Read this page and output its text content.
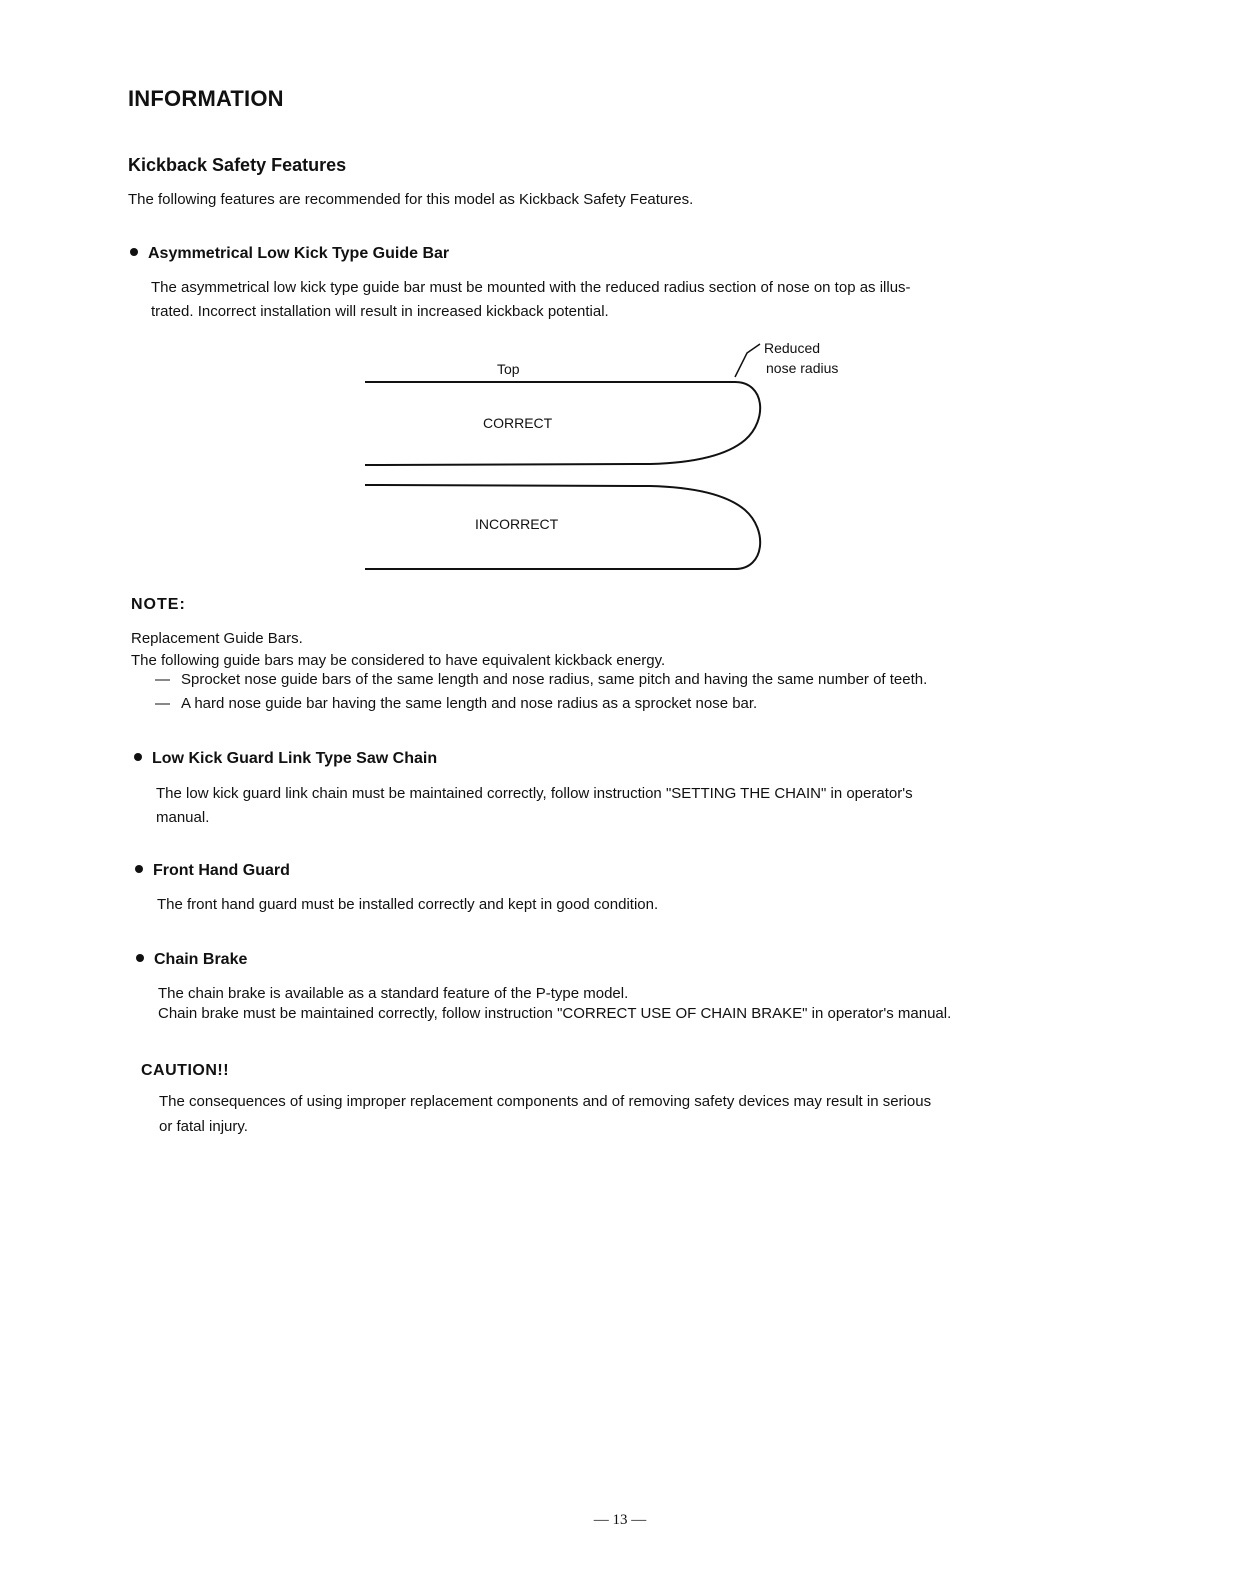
INFORMATION
Kickback Safety Features
The following features are recommended for this model as Kickback Safety Features.
Asymmetrical Low Kick Type Guide Bar
The asymmetrical low kick type guide bar must be mounted with the reduced radius section of nose on top as illus-
trated. Incorrect installation will result in increased kickback potential.
Top
Reduced
nose radius
CORRECT
INCORRECT
NOTE:
Replacement Guide Bars.
The following guide bars may be considered to have equivalent kickback energy.
— Sprocket nose guide bars of the same length and nose radius, same pitch and having the same number of teeth.
— A hard nose guide bar having the same length and nose radius as a sprocket nose bar.
Low Kick Guard Link Type Saw Chain
The low kick guard link chain must be maintained correctly, follow instruction "SETTING THE CHAIN" in operator's
manual.
Front Hand Guard
The front hand guard must be installed correctly and kept in good condition.
Chain Brake
The chain brake is available as a standard feature of the P-type model.
Chain brake must be maintained correctly, follow instruction "CORRECT USE OF CHAIN BRAKE" in operator's manual.
CAUTION!!
The consequences of using improper replacement components and of removing safety devices may result in serious
or fatal injury.
— 13 —
